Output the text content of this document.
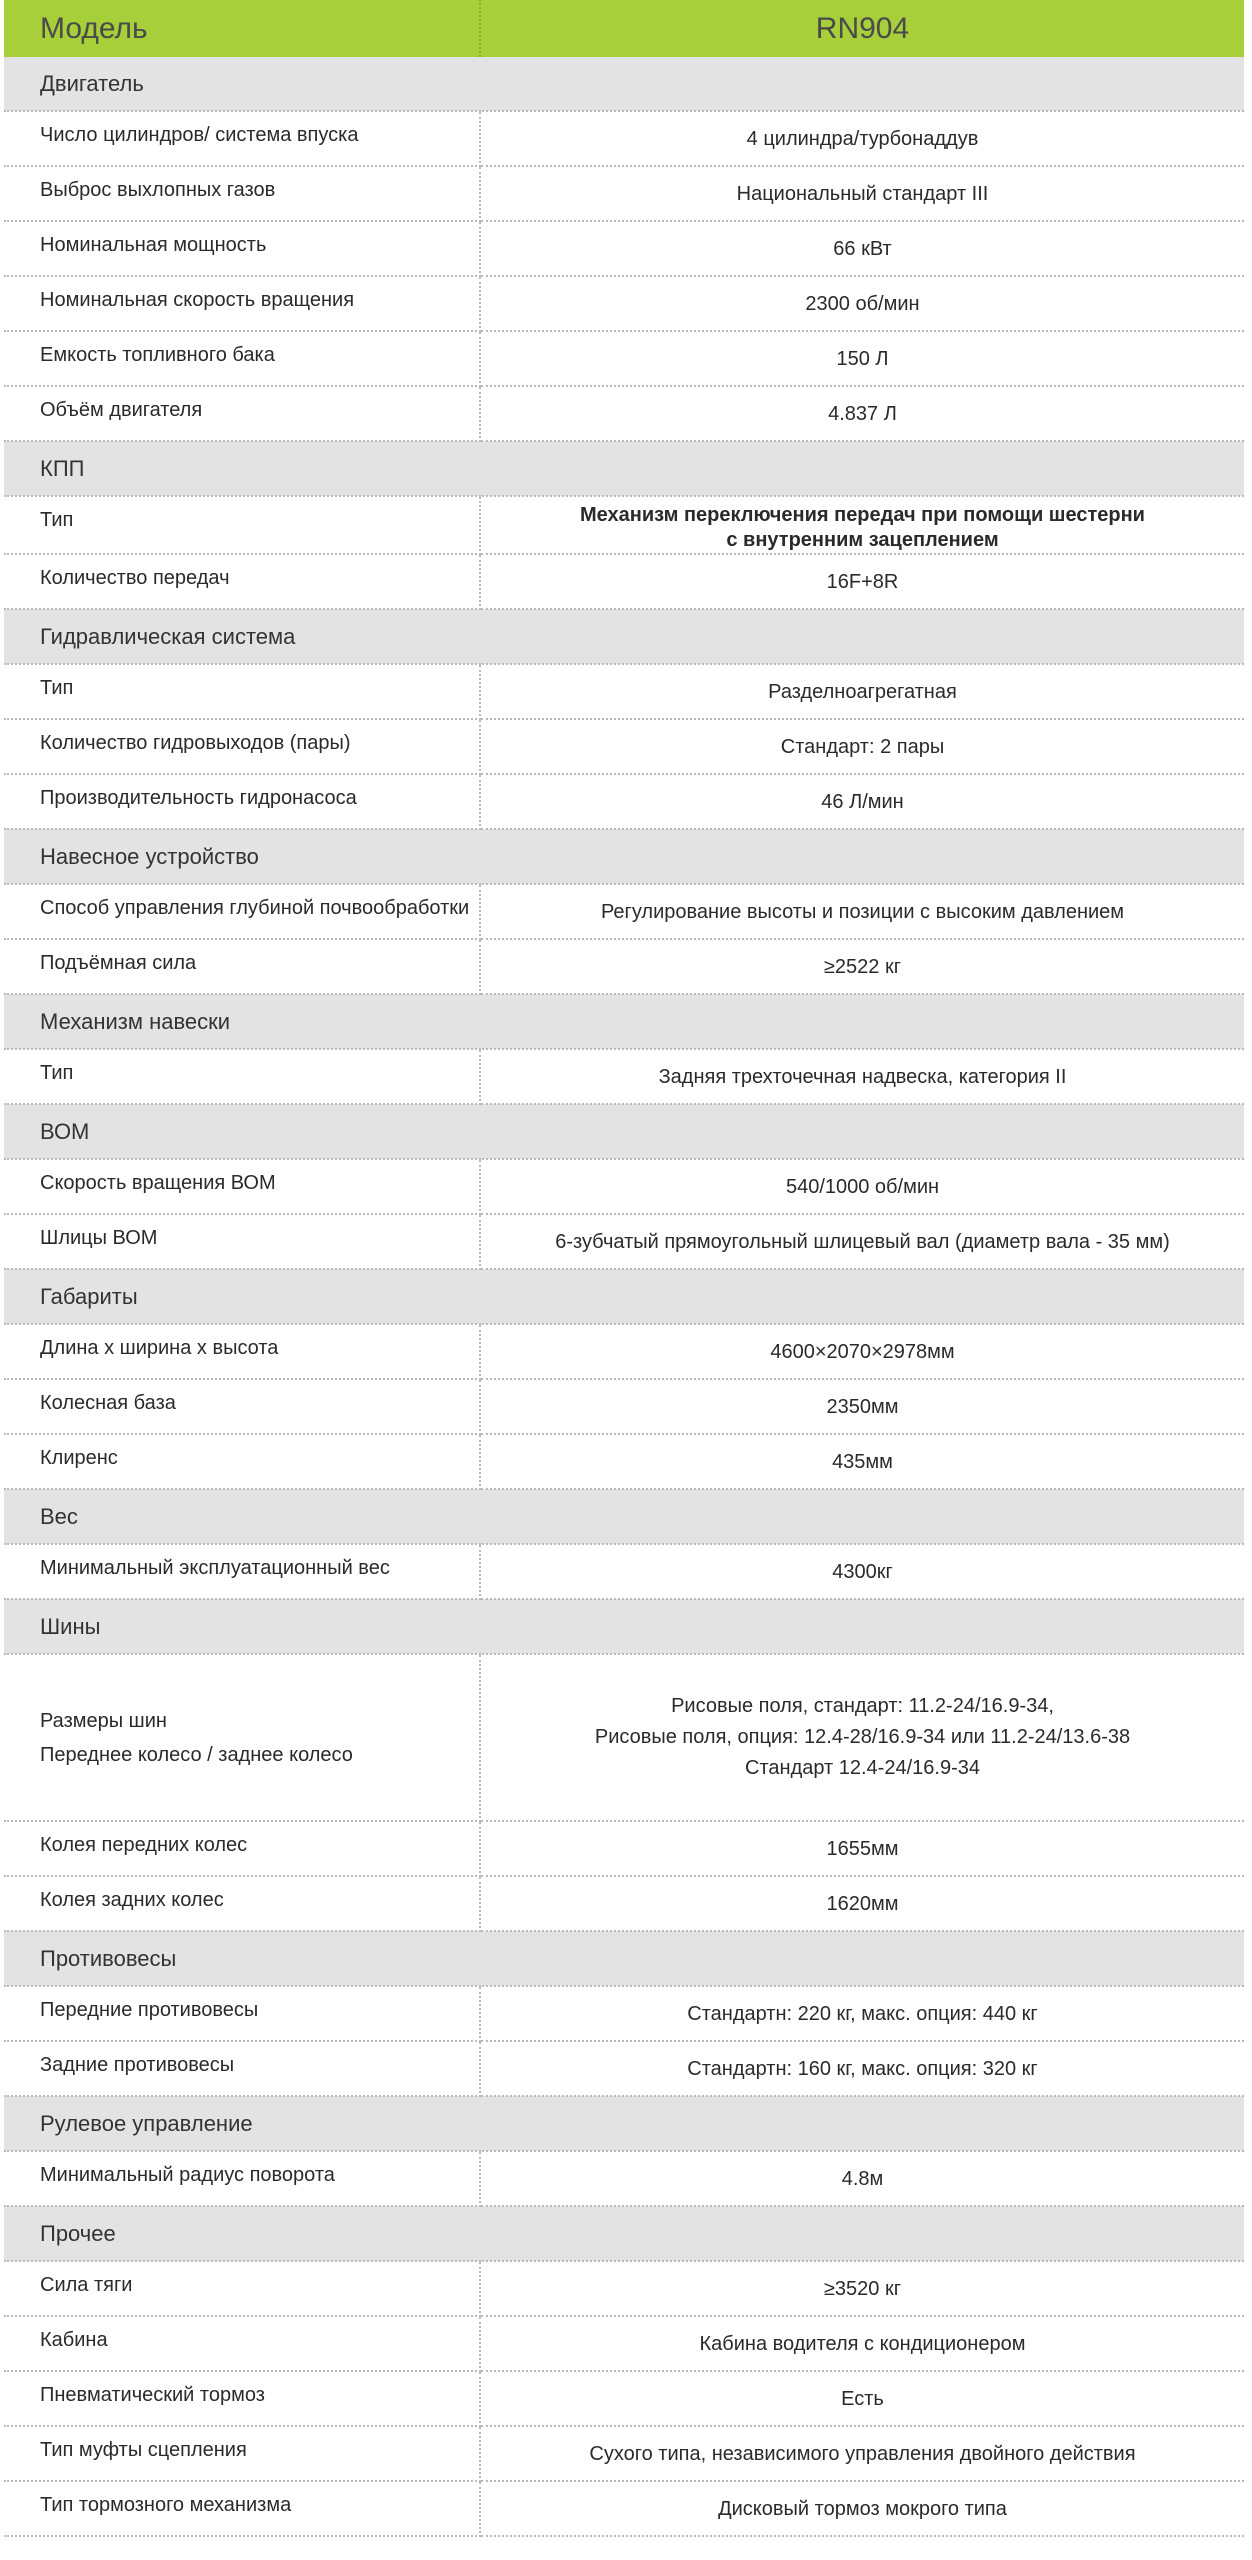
Модель	RN904
Двигатель	
Число цилиндров/ система впуска	4 цилиндра/турбонаддув
Выброс выхлопных газов	Национальный стандарт III
Номинальная мощность	66 кВт
Номинальная скорость вращения	2300 об/мин
Емкость топливного бака	150 Л
Объём двигателя	4.837 Л
КПП	
Тип	Механизм переключения передач при помощи шестерни
с внутренним зацеплением

Количество передач	16F+8R
Гидравлическая система	
Тип	Разделноагрегатная
Количество гидровыходов (пары)	Стандарт: 2 пары
Производительность гидронасоса	46 Л/мин
Навесное устройство	
Способ управления глубиной почвообработки	Регулирование высоты и позиции с высоким давлением
Подъёмная сила	≥2522 кг
Механизм навески	
Тип	Задняя трехточечная надвеска, категория II
ВОМ	
Скорость вращения ВОМ	540/1000 об/мин
Шлицы ВОМ	6-зубчатый прямоугольный шлицевый вал (диаметр вала - 35 мм)
Габариты	
Длина х ширина х высота	4600×2070×2978мм
Колесная база	2350мм
Клиренс	435мм
Вес	
Минимальный эксплуатационный вес	4300кг
Шины	

Размеры шин
Переднее колесо / заднее колесо	Рисовые поля, стандарт: 11.2-24/16.9-34,
Рисовые поля, опция: 12.4-28/16.9-34 или 11.2-24/13.6-38
Стандарт 12.4-24/16.9-34

Колея передних колес	1655мм
Колея задних колес	1620мм
Противовесы	
Передние противовесы	Стандартн: 220 кг, макс. опция: 440 кг
Задние противовесы	Стандартн: 160 кг, макс. опция: 320 кг
Рулевое управление	
Минимальный радиус поворота	4.8м
Прочее	
Сила тяги	≥3520 кг
Кабина	Кабина водителя с кондиционером
Пневматический тормоз	Есть
Тип муфты сцепления	Сухого типа, независимого управления двойного действия
Тип тормозного механизма	Дисковый тормоз мокрого типа
